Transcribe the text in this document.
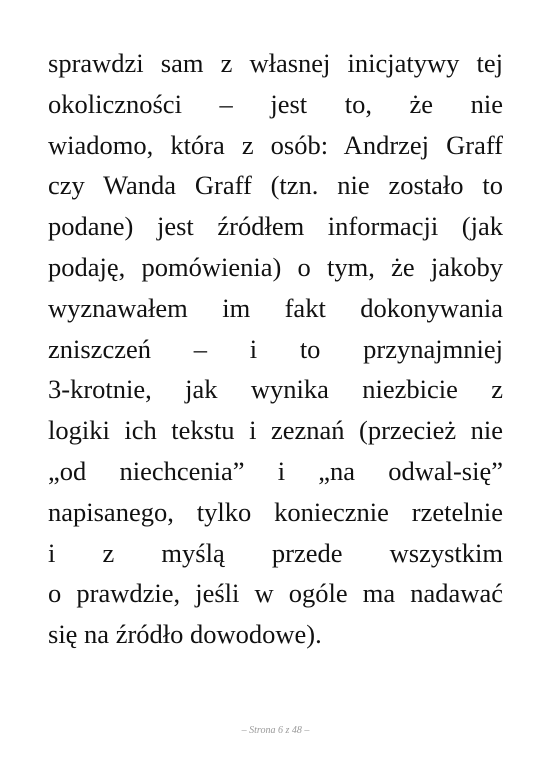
sprawdzi sam z własnej inicjatywy tej
okoliczności – jest to, że nie
wiadomo, która z osób: Andrzej Graff
czy Wanda Graff (tzn. nie zostało to
podane) jest źródłem informacji (jak
podaję, pomówienia) o tym, że jakoby
wyznawałem im fakt dokonywania
zniszczeń – i to przynajmniej
3-krotnie, jak wynika niezbicie z
logiki ich tekstu i zeznań (przecież nie
„od niechcenia” i „na odwal-się”
napisanego, tylko koniecznie rzetelnie
i z myślą przede wszystkim
o prawdzie, jeśli w ogóle ma nadawać
się na źródło dowodowe).

– Strona 6 z 48 –
